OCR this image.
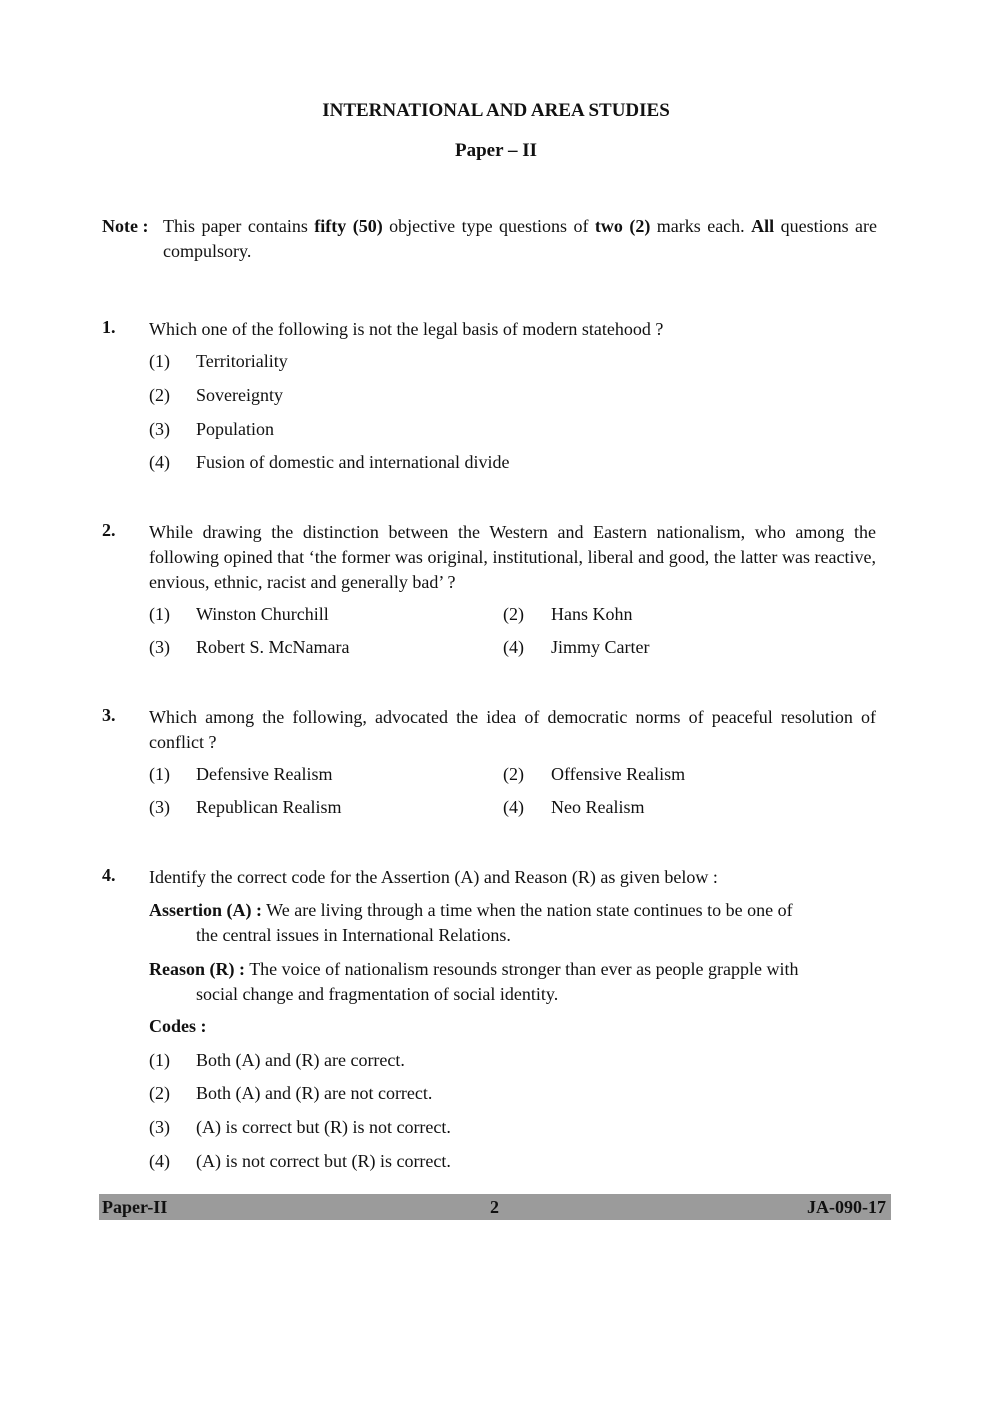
INTERNATIONAL AND AREA STUDIES
Paper – II
Note : This paper contains fifty (50) objective type questions of two (2) marks each. All questions are compulsory.
1. Which one of the following is not the legal basis of modern statehood ?
(1) Territoriality
(2) Sovereignty
(3) Population
(4) Fusion of domestic and international divide
2. While drawing the distinction between the Western and Eastern nationalism, who among the following opined that ‘the former was original, institutional, liberal and good, the latter was reactive, envious, ethnic, racist and generally bad’ ?
(1) Winston Churchill	(2) Hans Kohn
(3) Robert S. McNamara	(4) Jimmy Carter
3. Which among the following, advocated the idea of democratic norms of peaceful resolution of conflict ?
(1) Defensive Realism	(2) Offensive Realism
(3) Republican Realism	(4) Neo Realism
4. Identify the correct code for the Assertion (A) and Reason (R) as given below :
Assertion (A) : We are living through a time when the nation state continues to be one of
the central issues in International Relations.
Reason (R) : The voice of nationalism resounds stronger than ever as people grapple with
social change and fragmentation of social identity.
Codes :
(1) Both (A) and (R) are correct.
(2) Both (A) and (R) are not correct.
(3) (A) is correct but (R) is not correct.
(4) (A) is not correct but (R) is correct.
Paper-II	2	JA-090-17
